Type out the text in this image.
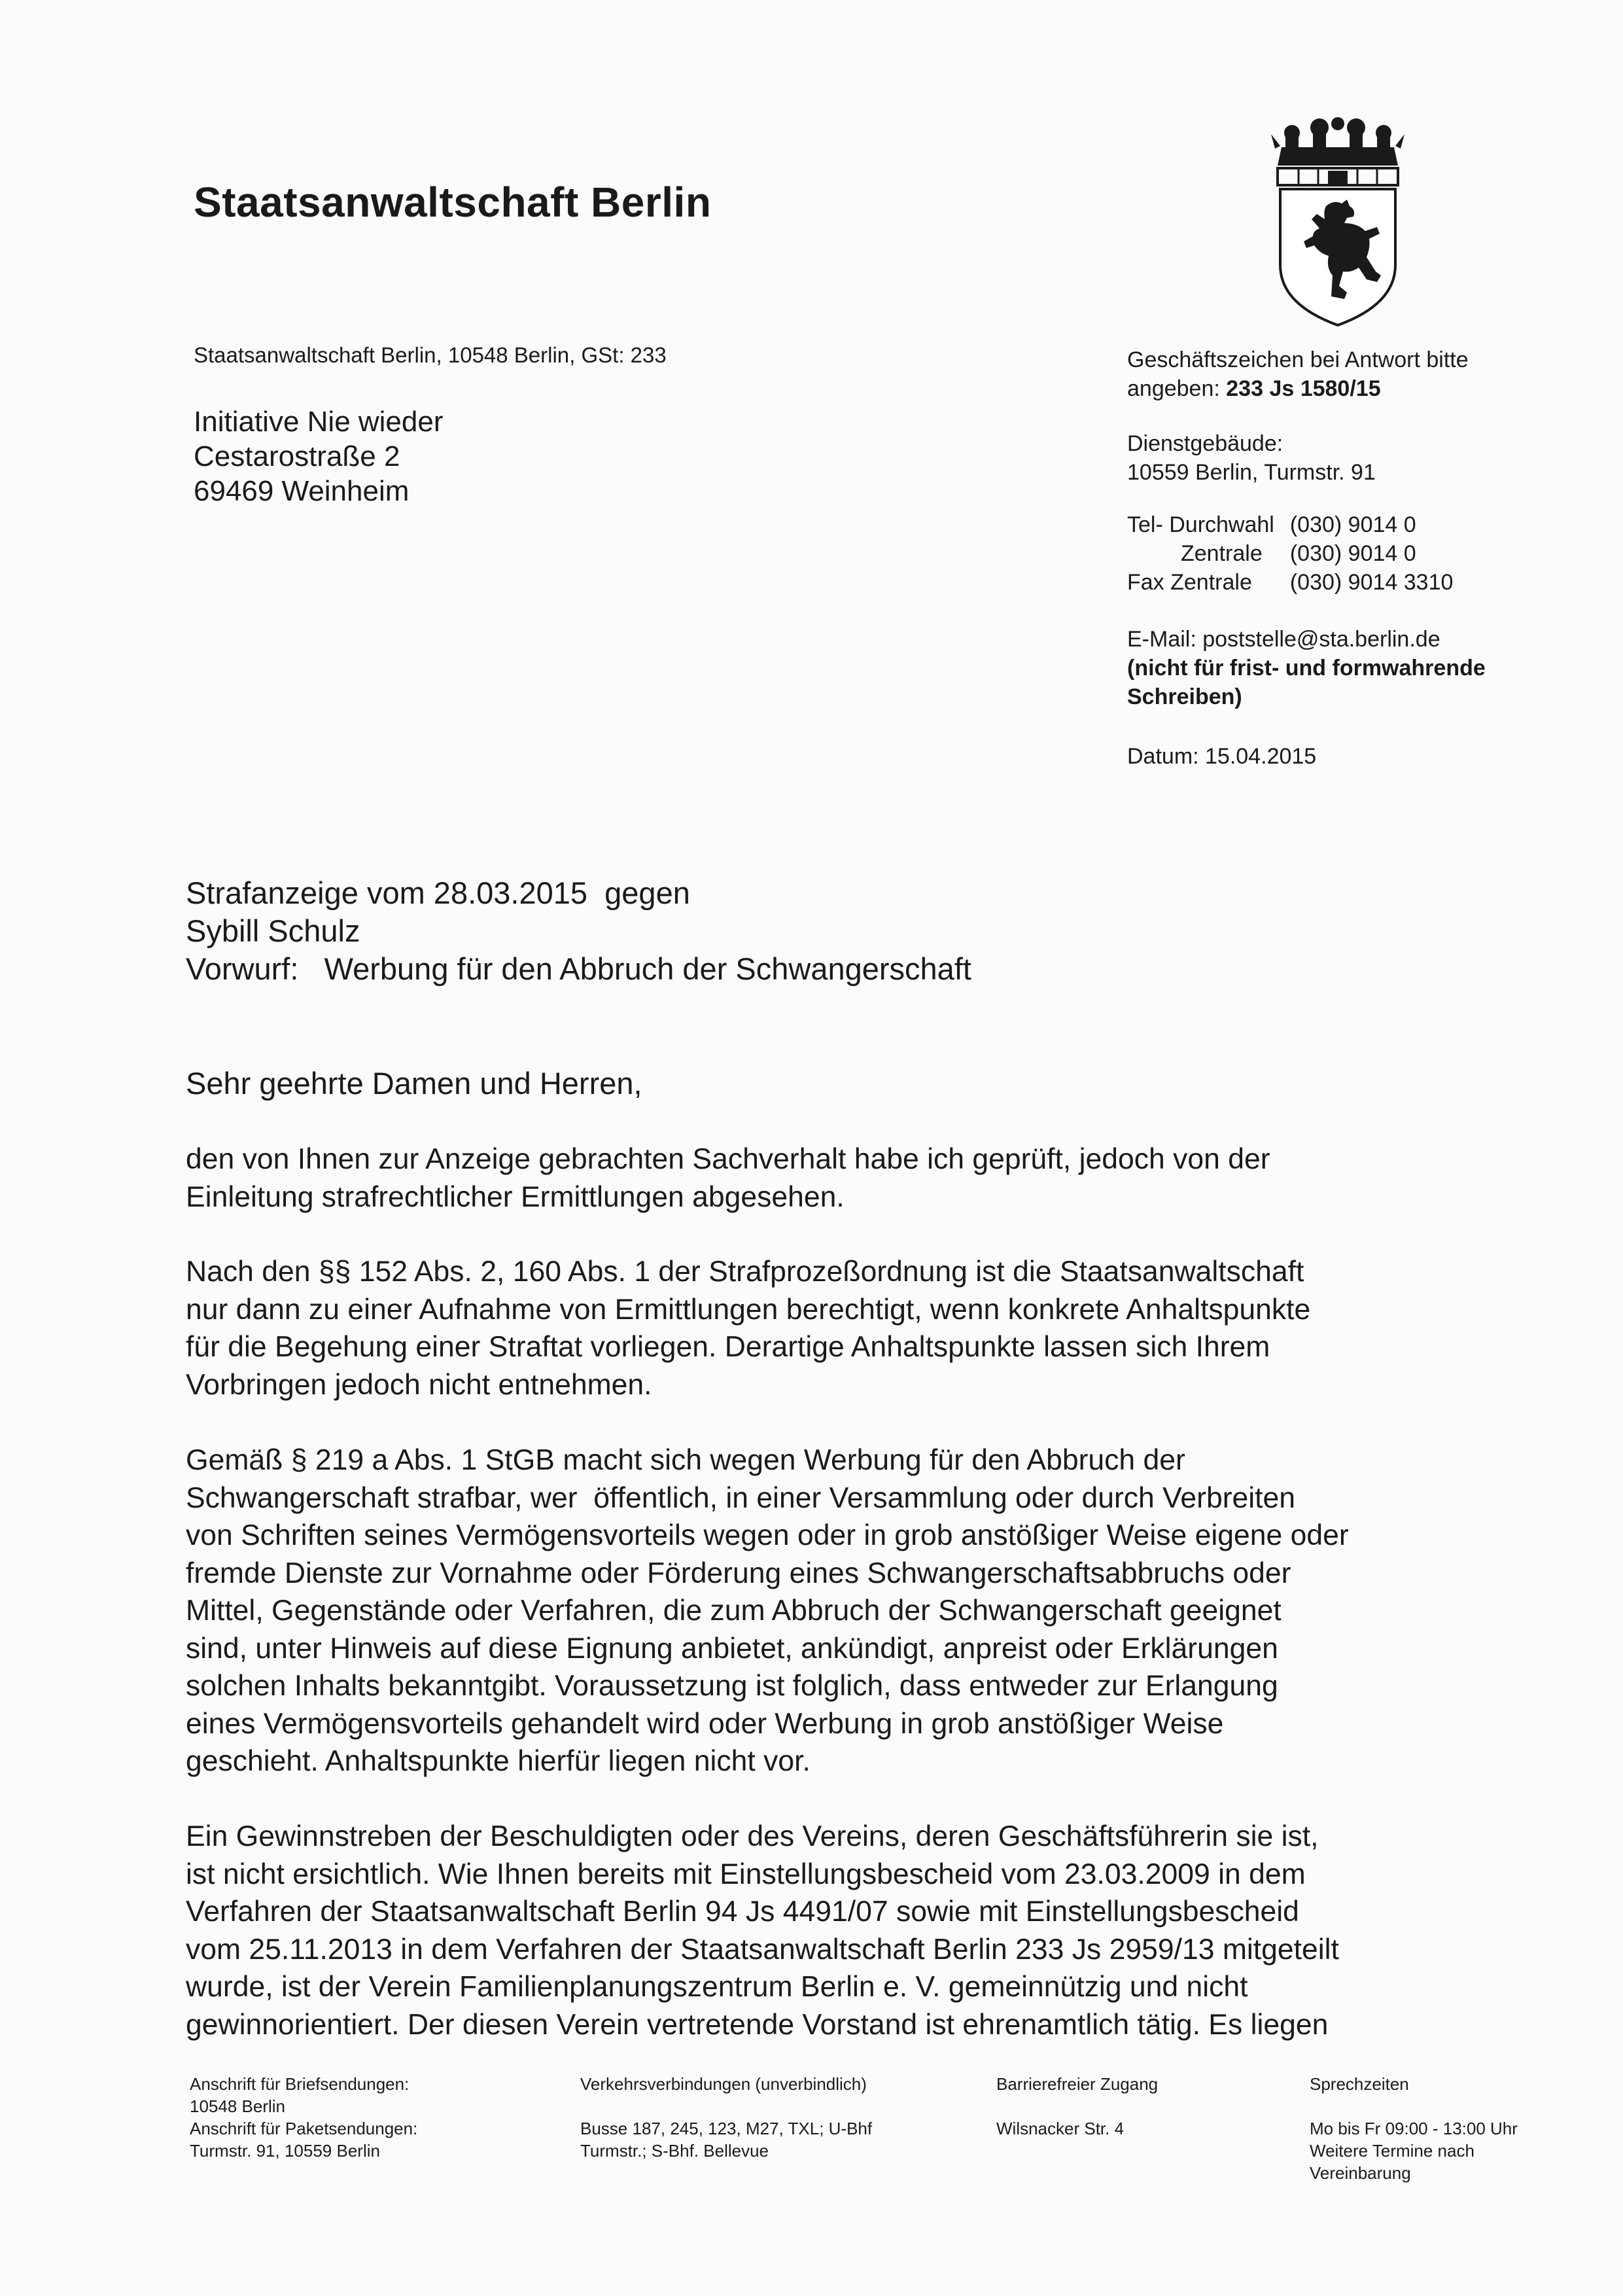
Staatsanwaltschaft Berlin
Staatsanwaltschaft Berlin, 10548 Berlin, GSt: 233
Initiative Nie wieder
Cestarostraße 2
69469 Weinheim
Geschäftszeichen bei Antwort bitte
angeben: 233 Js 1580/15
Dienstgebäude:
10559 Berlin, Turmstr. 91
Tel- Durchwahl	(030) 9014 0
Zentrale	(030) 9014 0
Fax Zentrale	(030) 9014 3310
E-Mail: poststelle@sta.berlin.de
(nicht für frist- und formwahrende
Schreiben)
Datum: 15.04.2015
Strafanzeige vom 28.03.2015  gegen
Sybill Schulz
Vorwurf: Werbung für den Abbruch der Schwangerschaft
Sehr geehrte Damen und Herren,
den von Ihnen zur Anzeige gebrachten Sachverhalt habe ich geprüft, jedoch von der
Einleitung strafrechtlicher Ermittlungen abgesehen.
Nach den §§ 152 Abs. 2, 160 Abs. 1 der Strafprozeßordnung ist die Staatsanwaltschaft
nur dann zu einer Aufnahme von Ermittlungen berechtigt, wenn konkrete Anhaltspunkte
für die Begehung einer Straftat vorliegen. Derartige Anhaltspunkte lassen sich Ihrem
Vorbringen jedoch nicht entnehmen.
Gemäß § 219 a Abs. 1 StGB macht sich wegen Werbung für den Abbruch der
Schwangerschaft strafbar, wer  öffentlich, in einer Versammlung oder durch Verbreiten
von Schriften seines Vermögensvorteils wegen oder in grob anstößiger Weise eigene oder
fremde Dienste zur Vornahme oder Förderung eines Schwangerschaftsabbruchs oder
Mittel, Gegenstände oder Verfahren, die zum Abbruch der Schwangerschaft geeignet
sind, unter Hinweis auf diese Eignung anbietet, ankündigt, anpreist oder Erklärungen
solchen Inhalts bekanntgibt. Voraussetzung ist folglich, dass entweder zur Erlangung
eines Vermögensvorteils gehandelt wird oder Werbung in grob anstößiger Weise
geschieht. Anhaltspunkte hierfür liegen nicht vor.
Ein Gewinnstreben der Beschuldigten oder des Vereins, deren Geschäftsführerin sie ist,
ist nicht ersichtlich. Wie Ihnen bereits mit Einstellungsbescheid vom 23.03.2009 in dem
Verfahren der Staatsanwaltschaft Berlin 94 Js 4491/07 sowie mit Einstellungsbescheid
vom 25.11.2013 in dem Verfahren der Staatsanwaltschaft Berlin 233 Js 2959/13 mitgeteilt
wurde, ist der Verein Familienplanungszentrum Berlin e. V. gemeinnützig und nicht
gewinnorientiert. Der diesen Verein vertretende Vorstand ist ehrenamtlich tätig. Es liegen
Anschrift für Briefsendungen:
10548 Berlin
Anschrift für Paketsendungen:
Turmstr. 91, 10559 Berlin
Verkehrsverbindungen (unverbindlich)
Busse 187, 245, 123, M27, TXL; U-Bhf
Turmstr.; S-Bhf. Bellevue
Barrierefreier Zugang
Wilsnacker Str. 4
Sprechzeiten
Mo bis Fr 09:00 - 13:00 Uhr
Weitere Termine nach
Vereinbarung
